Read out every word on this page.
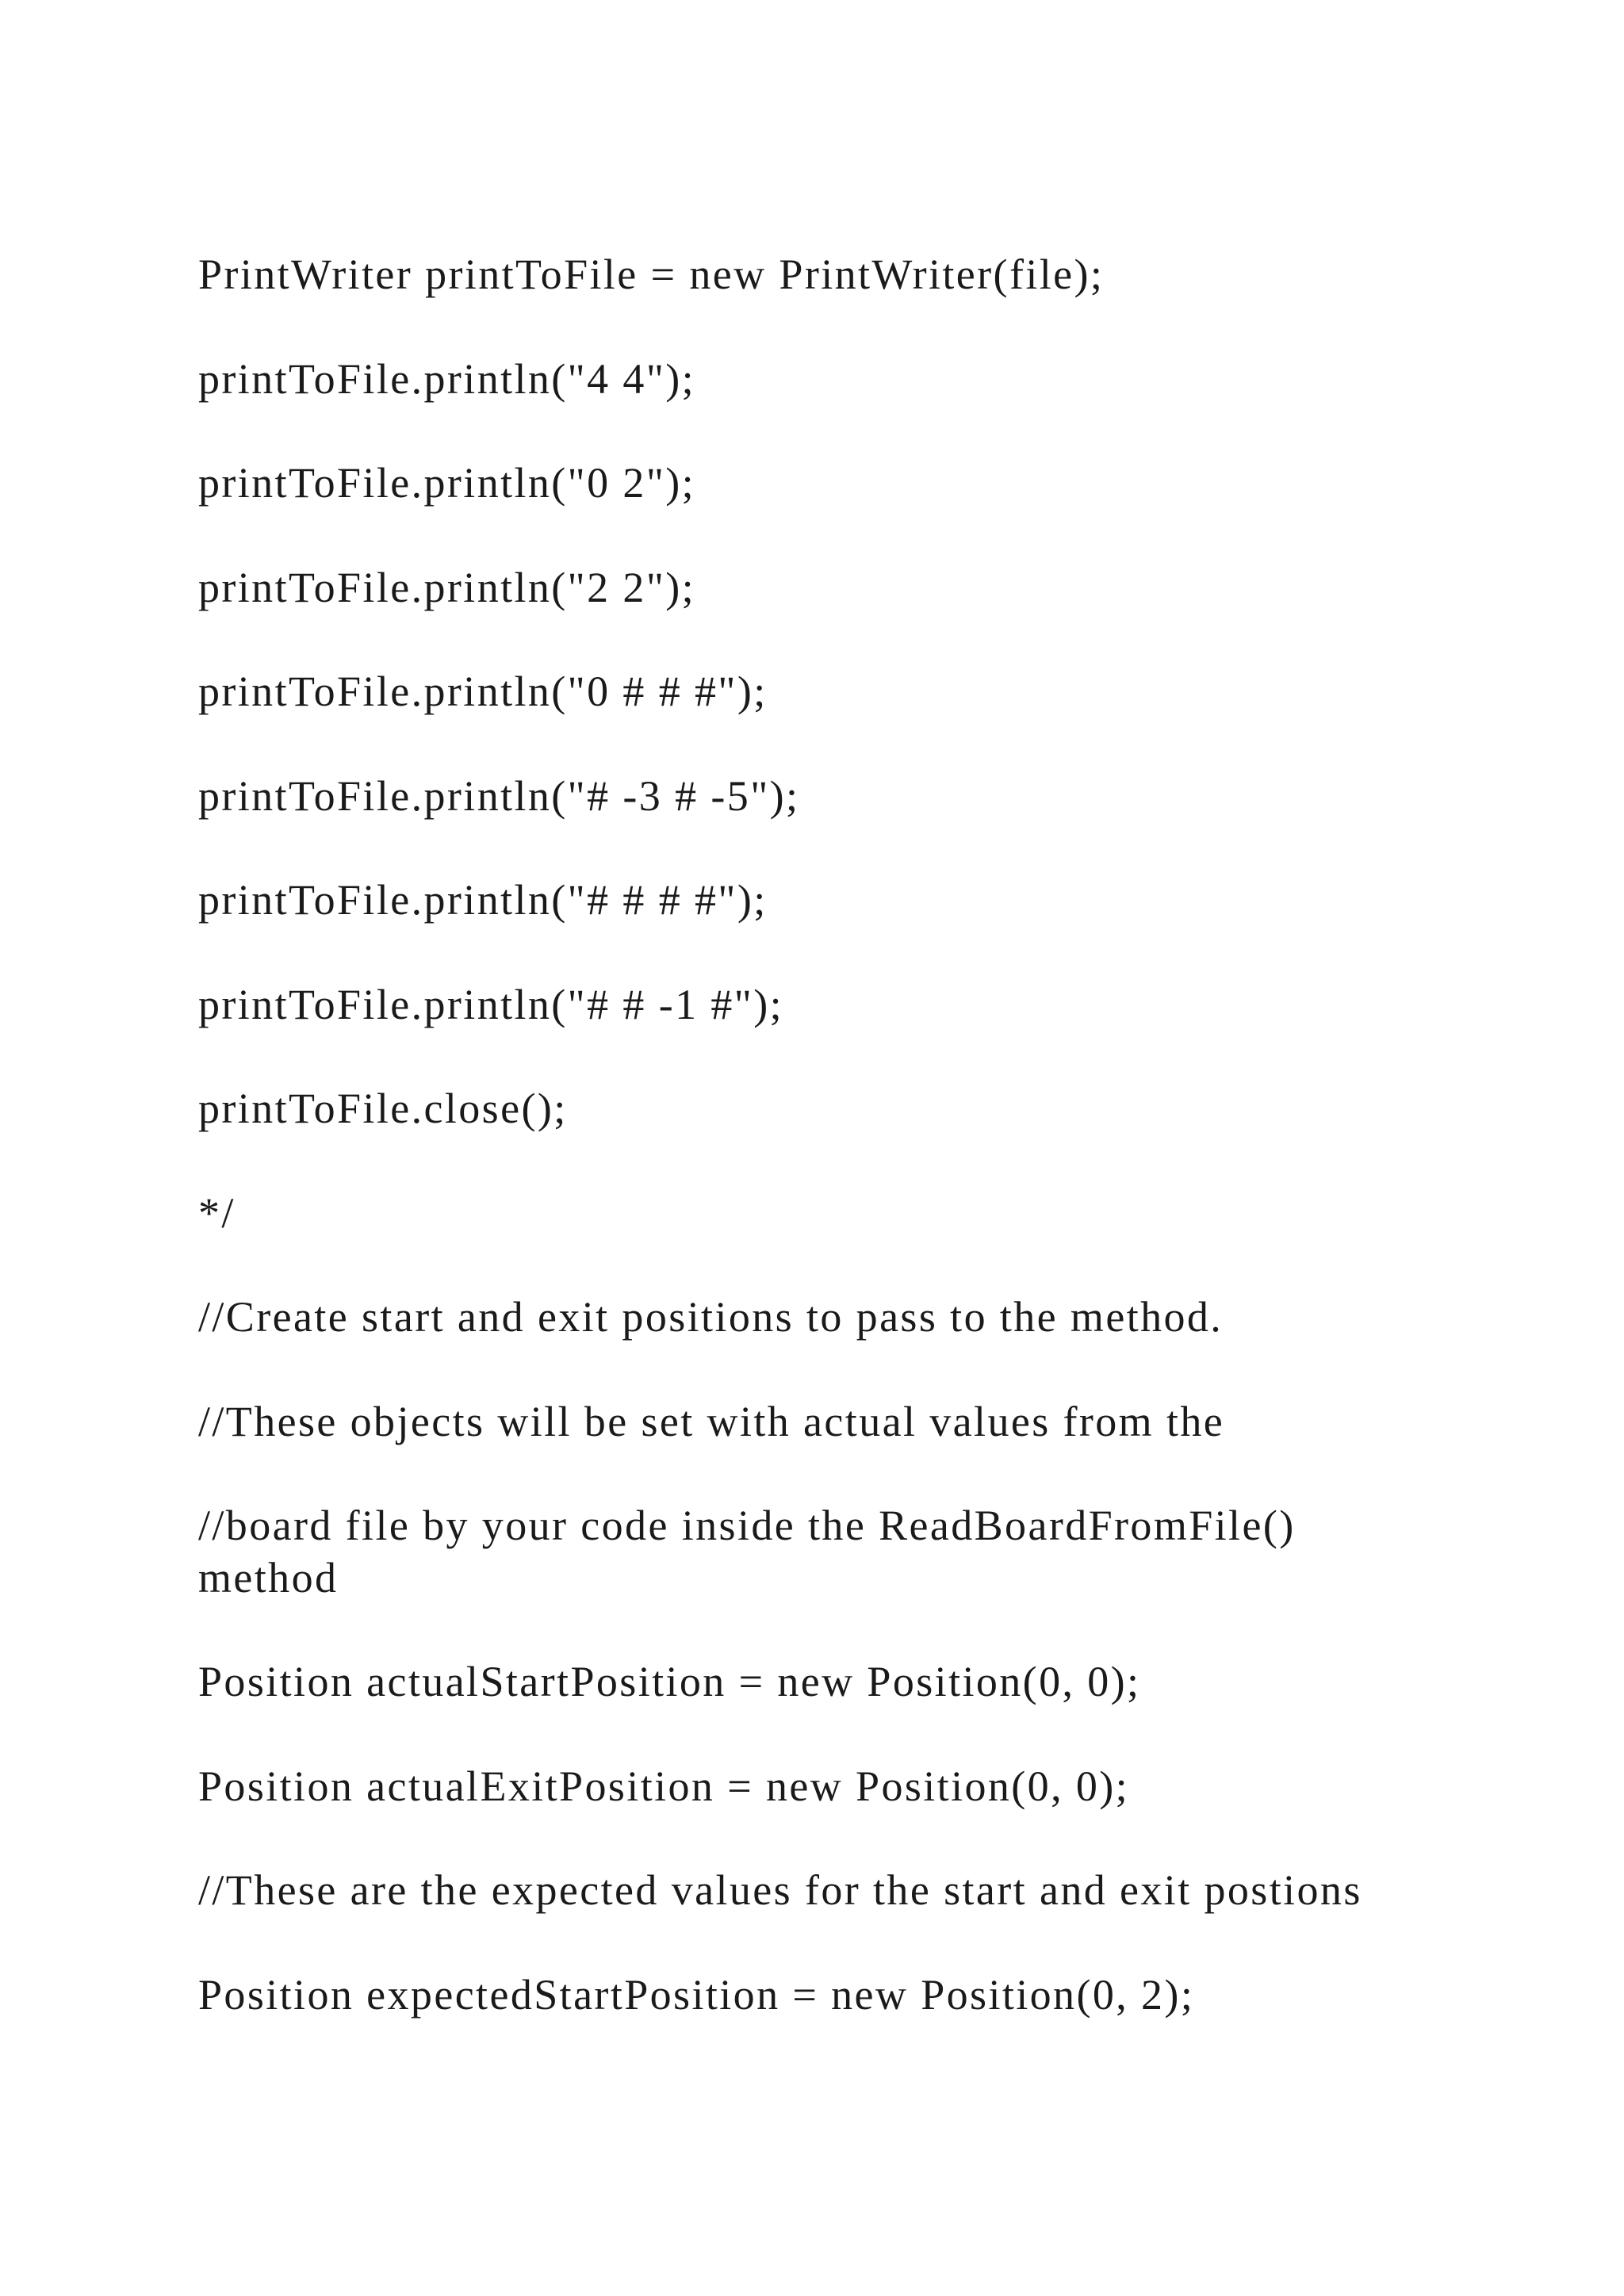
PrintWriter printToFile = new PrintWriter(file);

printToFile.println("4 4");

printToFile.println("0 2");

printToFile.println("2 2");

printToFile.println("0 # # #");

printToFile.println("# -3 # -5");

printToFile.println("# # # #");

printToFile.println("# # -1 #");

printToFile.close();

*/

//Create start and exit positions to pass to the method.

//These objects will be set with actual values from the

//board file by your code inside the ReadBoardFromFile() method

Position actualStartPosition = new Position(0, 0);

Position actualExitPosition = new Position(0, 0);

//These are the expected values for the start and exit postions

Position expectedStartPosition = new Position(0, 2);
